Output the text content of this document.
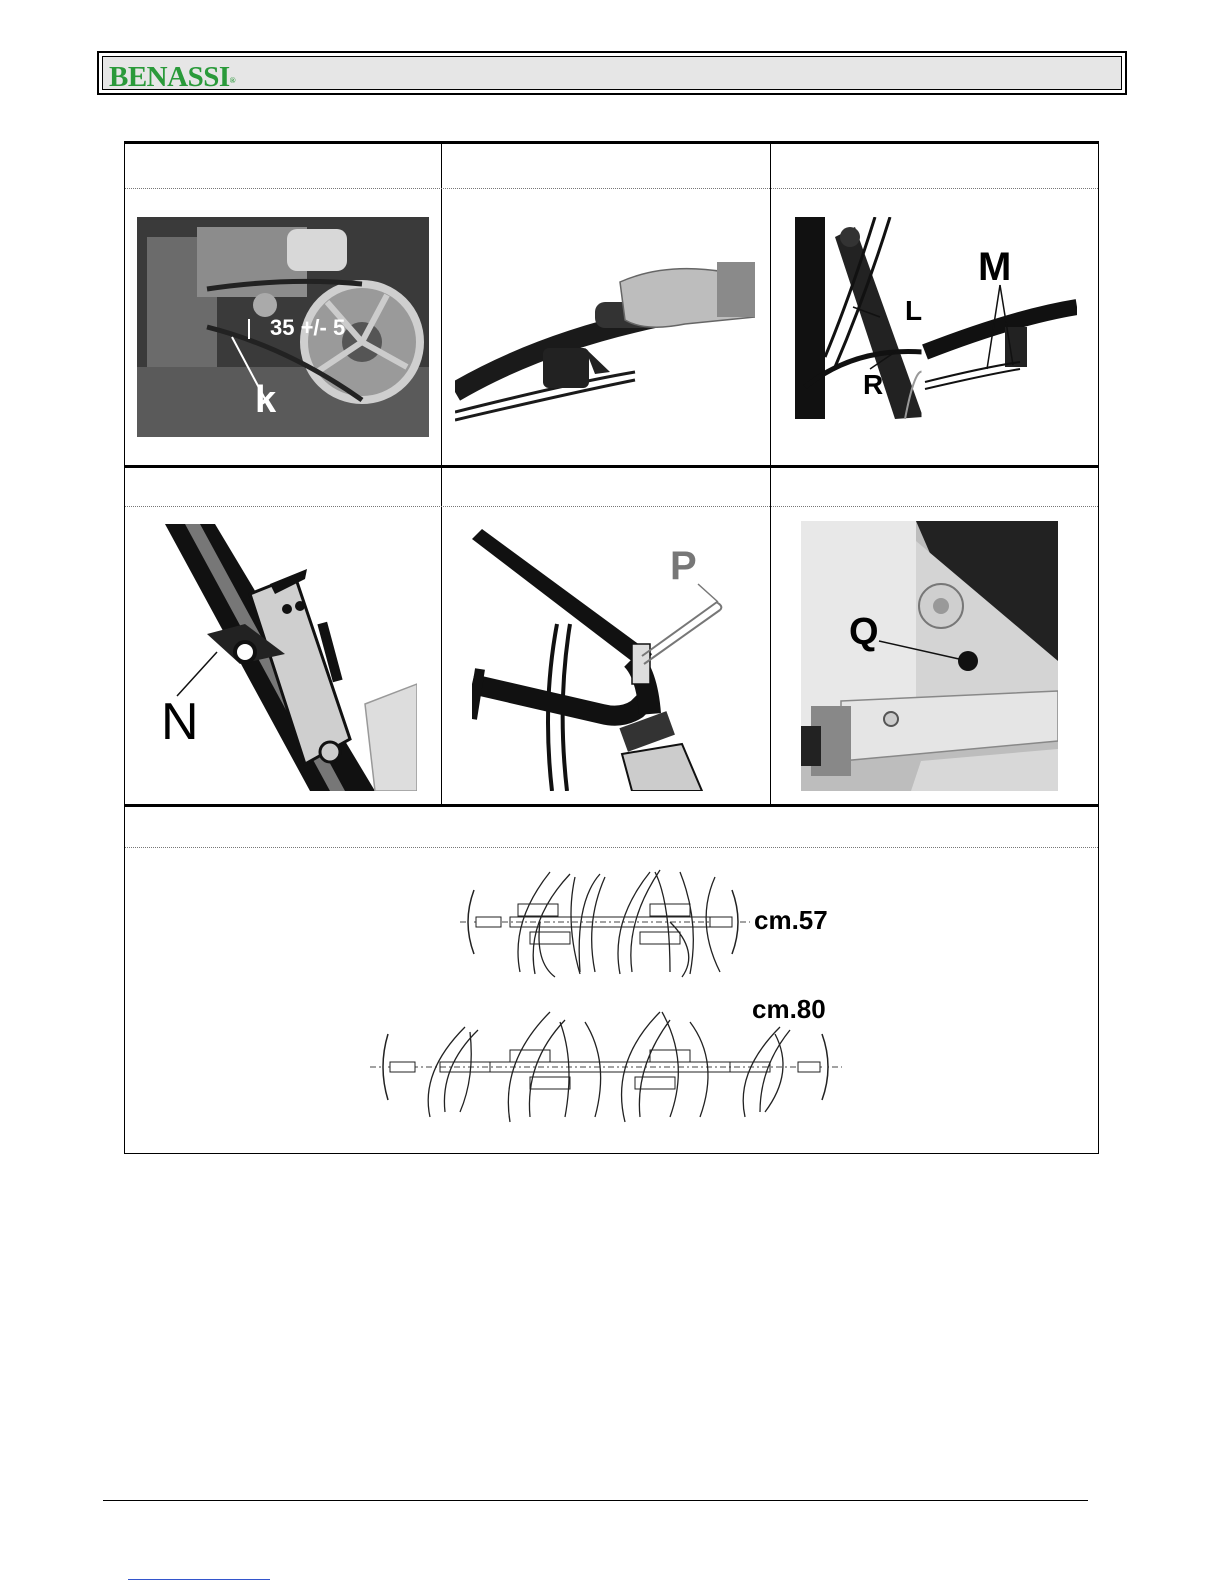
BENASSI®
35 +/- 5
k
M
L
R
N
P
Q
cm.57
cm.80
